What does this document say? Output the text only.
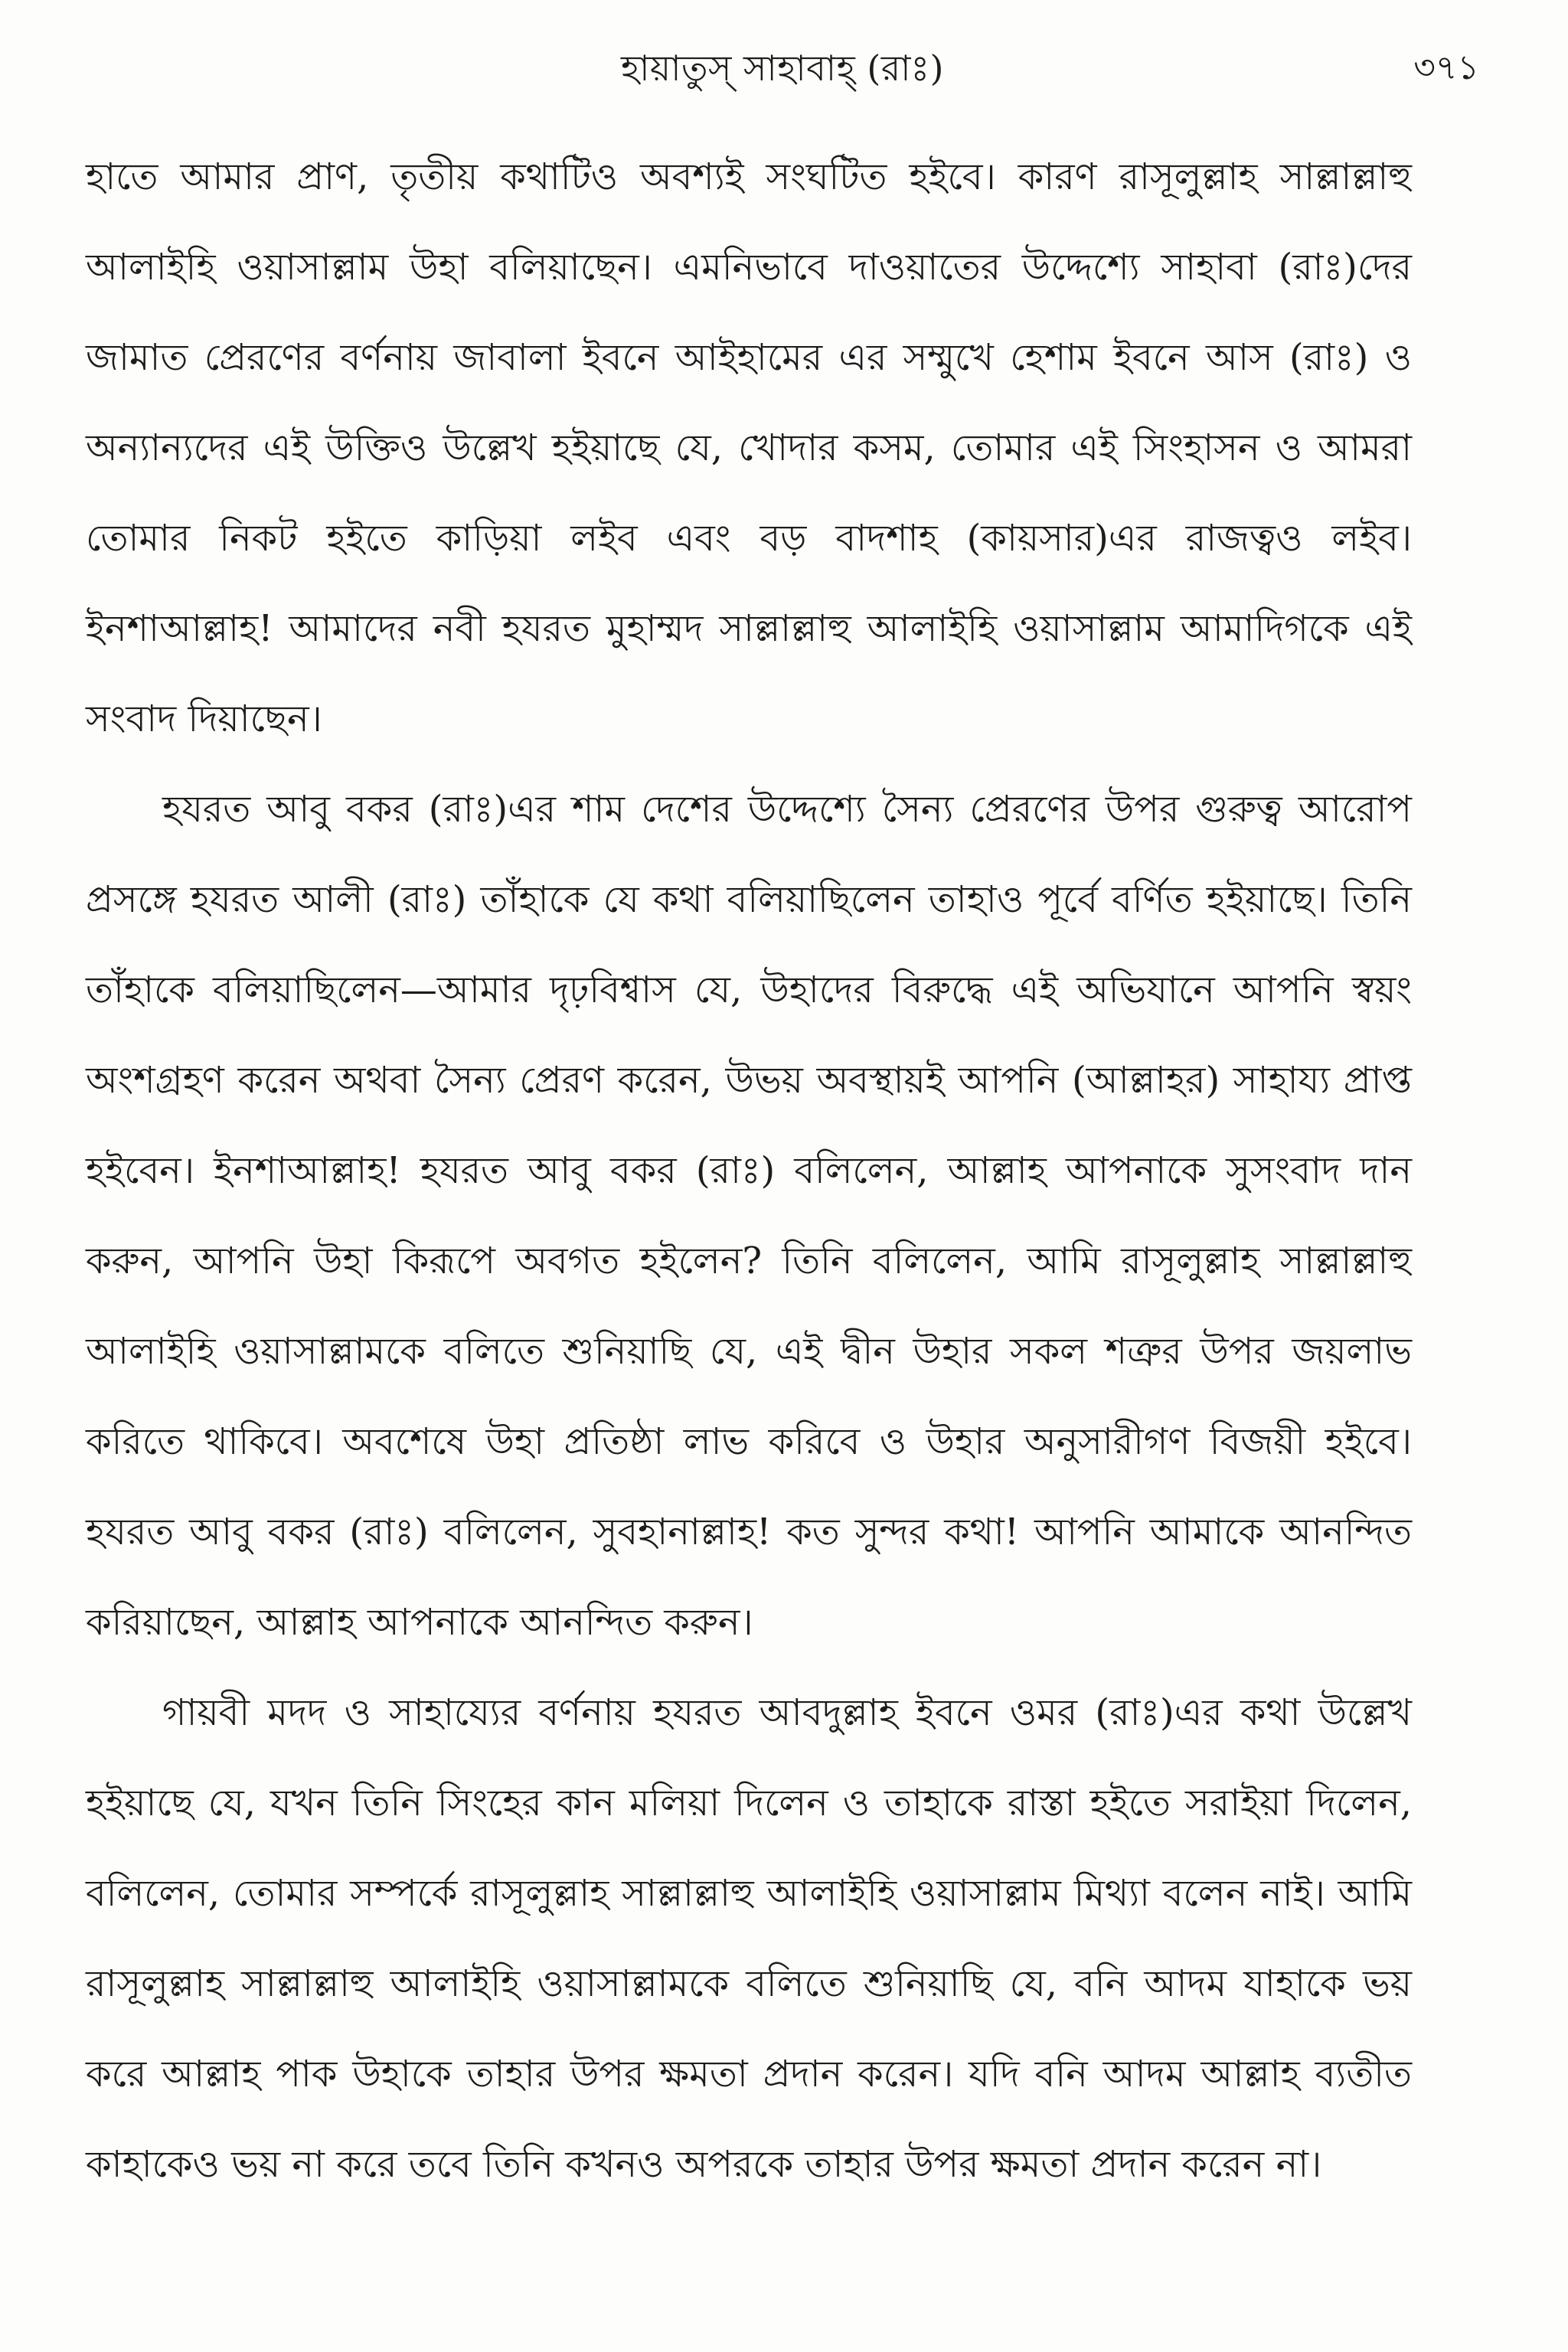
হায়াতুস্ সাহাবাহ্ (রাঃ)	৩৭১

হাতে আমার প্রাণ, তৃতীয় কথাটিও অবশ্যই সংঘটিত হইবে। কারণ রাসূলুল্লাহ সাল্লাল্লাহু আলাইহি ওয়াসাল্লাম উহা বলিয়াছেন। এমনিভাবে দাওয়াতের উদ্দেশ্যে সাহাবা (রাঃ)দের জামাত প্রেরণের বর্ণনায় জাবালা ইবনে আইহামের এর সম্মুখে হেশাম ইবনে আস (রাঃ) ও অন্যান্যদের এই উক্তিও উল্লেখ হইয়াছে যে, খোদার কসম, তোমার এই সিংহাসন ও আমরা তোমার নিকট হইতে কাড়িয়া লইব এবং বড় বাদশাহ (কায়সার)এর রাজত্বও লইব। ইনশাআল্লাহ! আমাদের নবী হযরত মুহাম্মদ সাল্লাল্লাহু আলাইহি ওয়াসাল্লাম আমাদিগকে এই সংবাদ দিয়াছেন।

হযরত আবু বকর (রাঃ)এর শাম দেশের উদ্দেশ্যে সৈন্য প্রেরণের উপর গুরুত্ব আরোপ প্রসঙ্গে হযরত আলী (রাঃ) তাঁহাকে যে কথা বলিয়াছিলেন তাহাও পূর্বে বর্ণিত হইয়াছে। তিনি তাঁহাকে বলিয়াছিলেন—আমার দৃঢ়বিশ্বাস যে, উহাদের বিরুদ্ধে এই অভিযানে আপনি স্বয়ং অংশগ্রহণ করেন অথবা সৈন্য প্রেরণ করেন, উভয় অবস্থায়ই আপনি (আল্লাহর) সাহায্য প্রাপ্ত হইবেন। ইনশাআল্লাহ! হযরত আবু বকর (রাঃ) বলিলেন, আল্লাহ আপনাকে সুসংবাদ দান করুন, আপনি উহা কিরূপে অবগত হইলেন? তিনি বলিলেন, আমি রাসূলুল্লাহ সাল্লাল্লাহু আলাইহি ওয়াসাল্লামকে বলিতে শুনিয়াছি যে, এই দ্বীন উহার সকল শত্রুর উপর জয়লাভ করিতে থাকিবে। অবশেষে উহা প্রতিষ্ঠা লাভ করিবে ও উহার অনুসারীগণ বিজয়ী হইবে। হযরত আবু বকর (রাঃ) বলিলেন, সুবহানাল্লাহ! কত সুন্দর কথা! আপনি আমাকে আনন্দিত করিয়াছেন, আল্লাহ আপনাকে আনন্দিত করুন।

গায়বী মদদ ও সাহায্যের বর্ণনায় হযরত আবদুল্লাহ ইবনে ওমর (রাঃ)এর কথা উল্লেখ হইয়াছে যে, যখন তিনি সিংহের কান মলিয়া দিলেন ও তাহাকে রাস্তা হইতে সরাইয়া দিলেন, বলিলেন, তোমার সম্পর্কে রাসূলুল্লাহ সাল্লাল্লাহু আলাইহি ওয়াসাল্লাম মিথ্যা বলেন নাই। আমি রাসূলুল্লাহ সাল্লাল্লাহু আলাইহি ওয়াসাল্লামকে বলিতে শুনিয়াছি যে, বনি আদম যাহাকে ভয় করে আল্লাহ পাক উহাকে তাহার উপর ক্ষমতা প্রদান করেন। যদি বনি আদম আল্লাহ ব্যতীত কাহাকেও ভয় না করে তবে তিনি কখনও অপরকে তাহার উপর ক্ষমতা প্রদান করেন না।
